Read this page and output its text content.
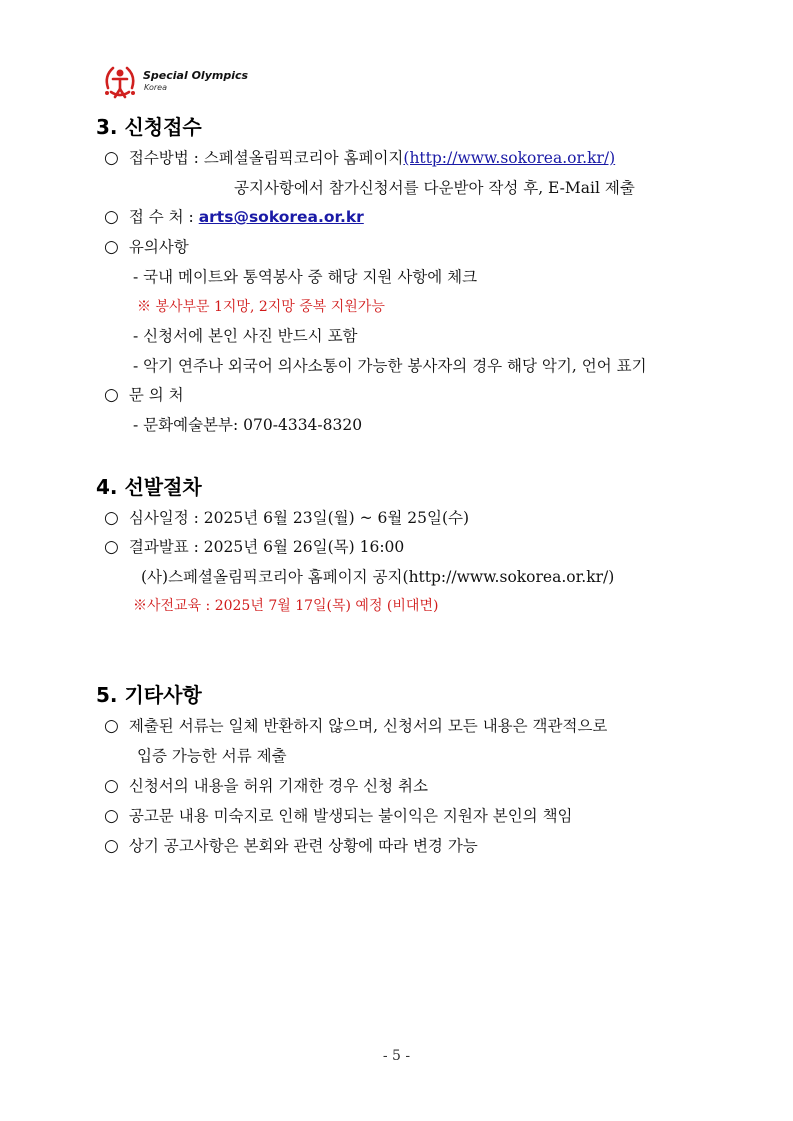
Special Olympics
Korea
3. 신청접수
○ 접수방법 : 스페셜올림픽코리아 홈페이지(http://www.sokorea.or.kr/)
공지사항에서 참가신청서를 다운받아 작성 후, E-Mail 제출
○ 접 수 처 : arts@sokorea.or.kr
○ 유의사항
- 국내 메이트와 통역봉사 중 해당 지원 사항에 체크
※ 봉사부문 1지망, 2지망 중복 지원가능
- 신청서에 본인 사진 반드시 포함
- 악기 연주나 외국어 의사소통이 가능한 봉사자의 경우 해당 악기, 언어 표기
○ 문 의 처
- 문화예술본부: 070-4334-8320
4. 선발절차
○ 심사일정 : 2025년 6월 23일(월) ~ 6월 25일(수)
○ 결과발표 : 2025년 6월 26일(목) 16:00
(사)스페셜올림픽코리아 홈페이지 공지(http://www.sokorea.or.kr/)
※사전교육 : 2025년 7월 17일(목) 예정 (비대면)
5. 기타사항
○ 제출된 서류는 일체 반환하지 않으며, 신청서의 모든 내용은 객관적으로
입증 가능한 서류 제출
○ 신청서의 내용을 허위 기재한 경우 신청 취소
○ 공고문 내용 미숙지로 인해 발생되는 불이익은 지원자 본인의 책임
○ 상기 공고사항은 본회와 관련 상황에 따라 변경 가능
- 5 -
